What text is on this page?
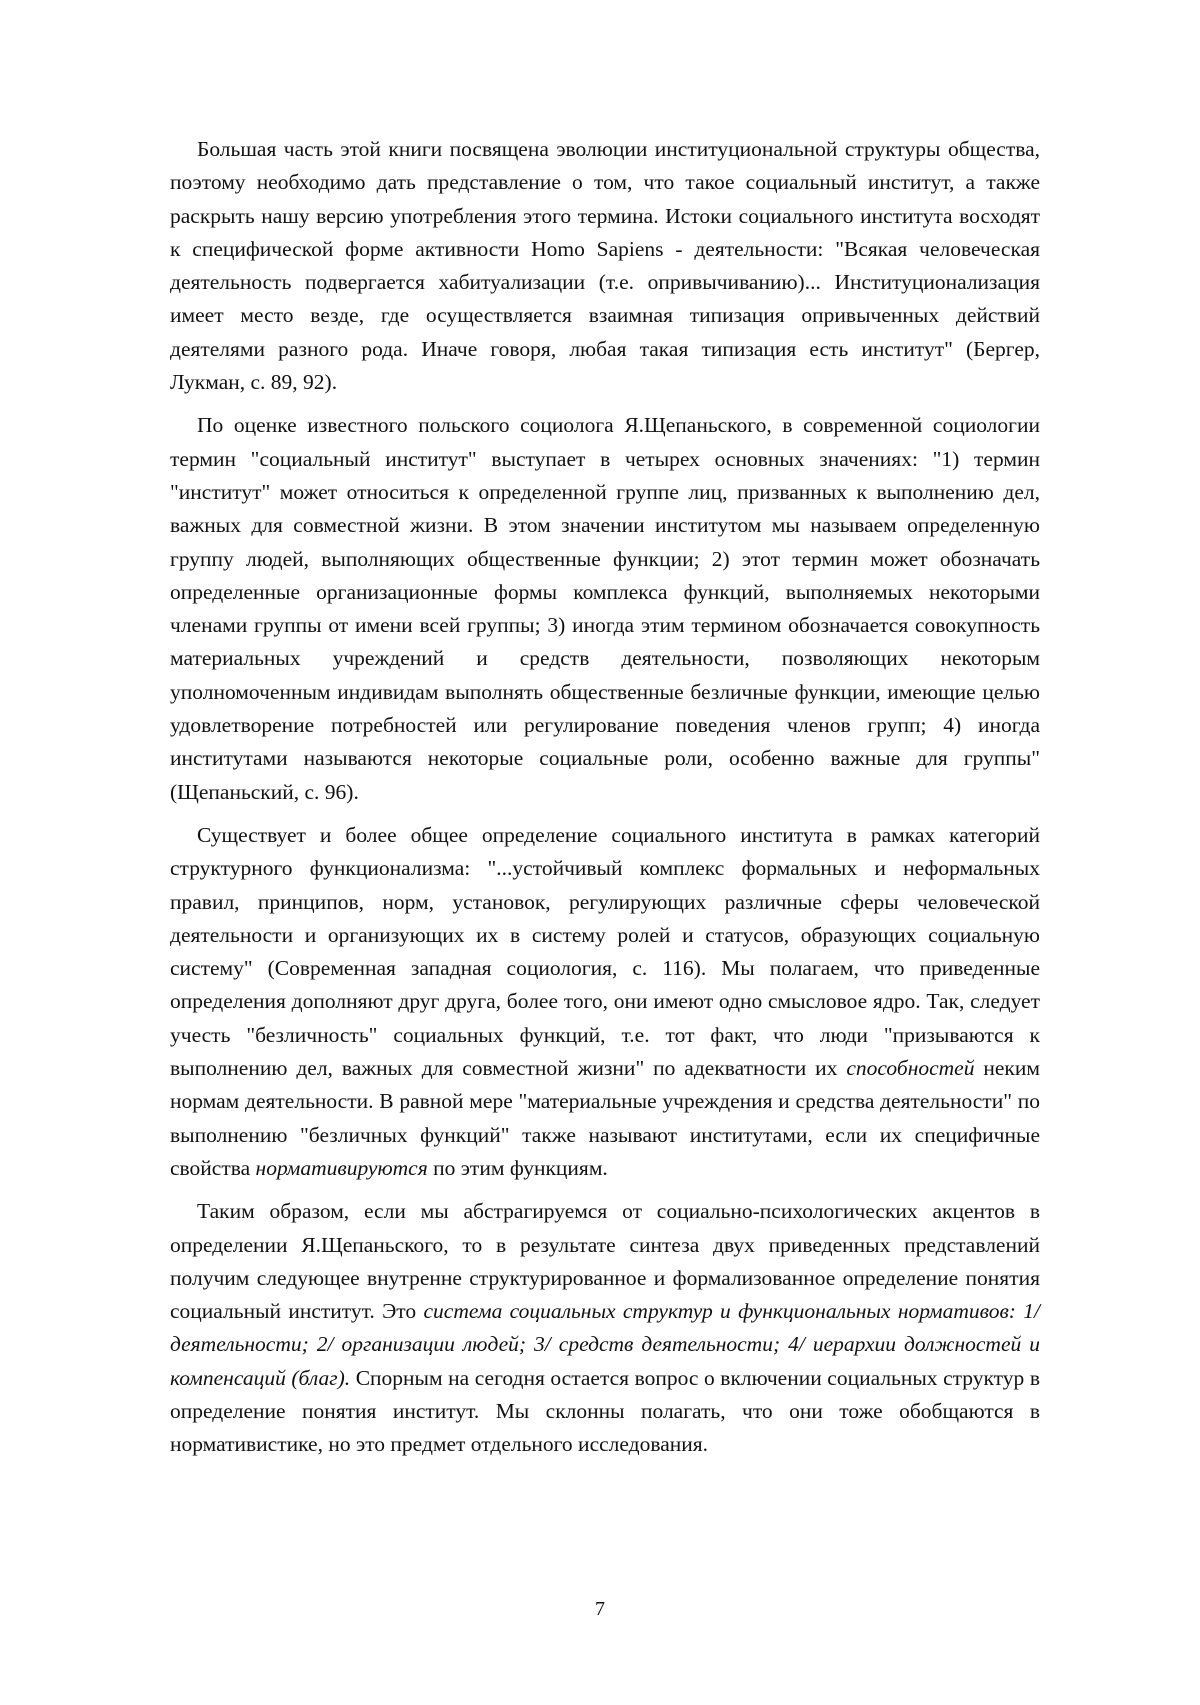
Большая часть этой книги посвящена эволюции институциональной структуры общества, поэтому необходимо дать представление о том, что такое социальный институт, а также раскрыть нашу версию употребления этого термина. Истоки социального института восходят к специфической форме активности Homo Sapiens - деятельности: "Всякая человеческая деятельность подвергается хабитуализации (т.е. опривычиванию)... Институционализация имеет место везде, где осуществляется взаимная типизация опривыченных действий деятелями разного рода. Иначе говоря, любая такая типизация есть институт" (Бергер, Лукман, с. 89, 92).

По оценке известного польского социолога Я.Щепаньского, в современной социологии термин "социальный институт" выступает в четырех основных значениях: "1) термин "институт" может относиться к определенной группе лиц, призванных к выполнению дел, важных для совместной жизни. В этом значении институтом мы называем определенную группу людей, выполняющих общественные функции; 2) этот термин может обозначать определенные организационные формы комплекса функций, выполняемых некоторыми членами группы от имени всей группы; 3) иногда этим термином обозначается совокупность материальных учреждений и средств деятельности, позволяющих некоторым уполномоченным индивидам выполнять общественные безличные функции, имеющие целью удовлетворение потребностей или регулирование поведения членов групп; 4) иногда институтами называются некоторые социальные роли, особенно важные для группы" (Щепаньский, с. 96).

Существует и более общее определение социального института в рамках категорий структурного функционализма: "...устойчивый комплекс формальных и неформальных правил, принципов, норм, установок, регулирующих различные сферы человеческой деятельности и организующих их в систему ролей и статусов, образующих социальную систему" (Современная западная социология, с. 116). Мы полагаем, что приведенные определения дополняют друг друга, более того, они имеют одно смысловое ядро. Так, следует учесть "безличность" социальных функций, т.е. тот факт, что люди "призываются к выполнению дел, важных для совместной жизни" по адекватности их способностей неким нормам деятельности. В равной мере "материальные учреждения и средства деятельности" по выполнению "безличных функций" также называют институтами, если их специфичные свойства нормативируются по этим функциям.

Таким образом, если мы абстрагируемся от социально-психологических акцентов в определении Я.Щепаньского, то в результате синтеза двух приведенных представлений получим следующее внутренне структурированное и формализованное определение понятия социальный институт. Это система социальных структур и функциональных нормативов: 1/ деятельности; 2/ организации людей; 3/ средств деятельности; 4/ иерархии должностей и компенсаций (благ). Спорным на сегодня остается вопрос о включении социальных структур в определение понятия институт. Мы склонны полагать, что они тоже обобщаются в нормативистике, но это предмет отдельного исследования.

7
